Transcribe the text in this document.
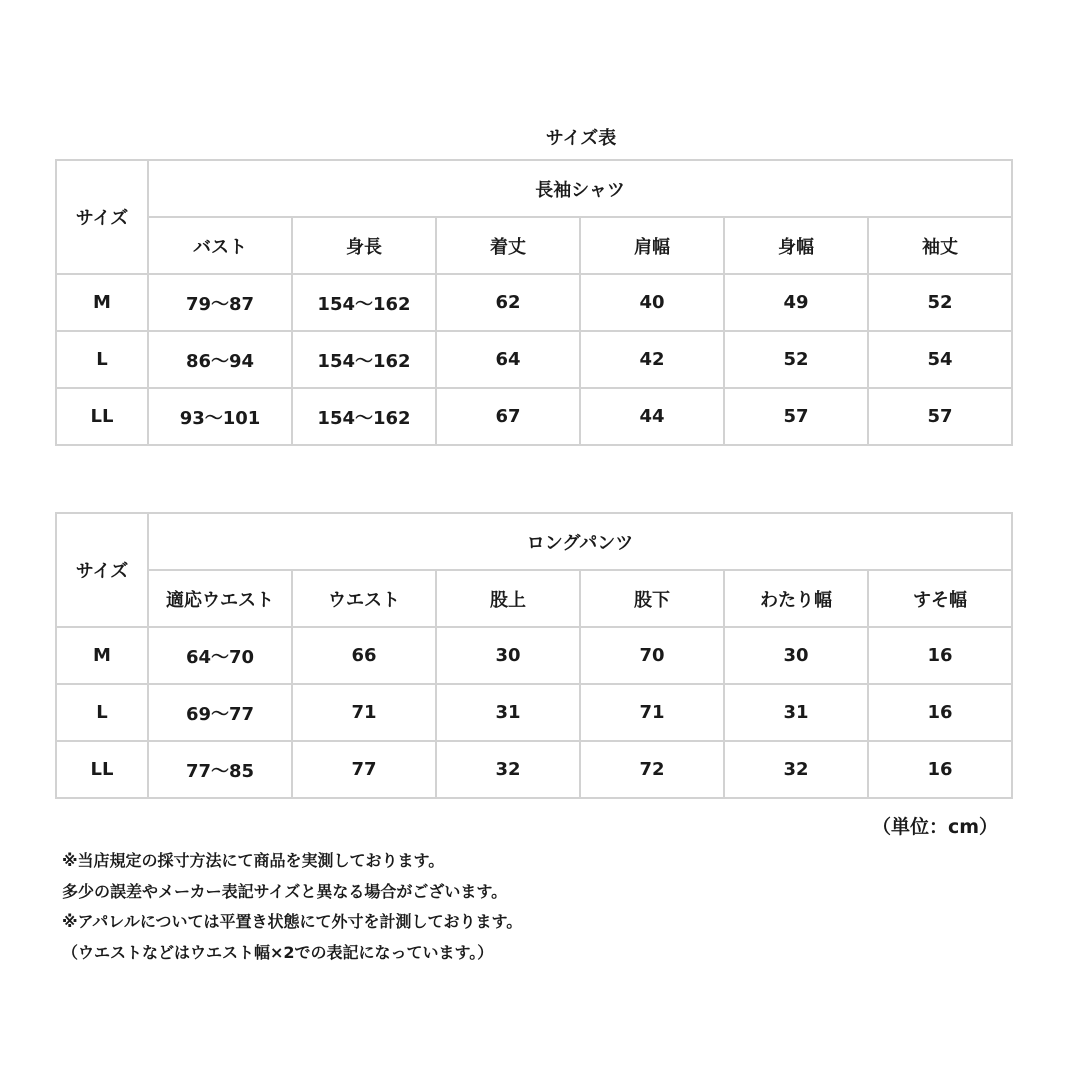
サイズ表
サイズ	長袖シャツ					
	バスト	身長	着丈	肩幅	身幅	袖丈
M	79〜87	154〜162	62	40	49	52
L	86〜94	154〜162	64	42	52	54
LL	93〜101	154〜162	67	44	57	57
サイズ	ロングパンツ					
	適応ウエスト	ウエスト	股上	股下	わたり幅	すそ幅
M	64〜70	66	30	70	30	16
L	69〜77	71	31	71	31	16
LL	77〜85	77	32	72	32	16
（単位：cm）
※当店規定の採寸方法にて商品を実測しております。
多少の誤差やメーカー表記サイズと異なる場合がございます。
※アパレルについては平置き状態にて外寸を計測しております。
（ウエストなどはウエスト幅×2での表記になっています。）
